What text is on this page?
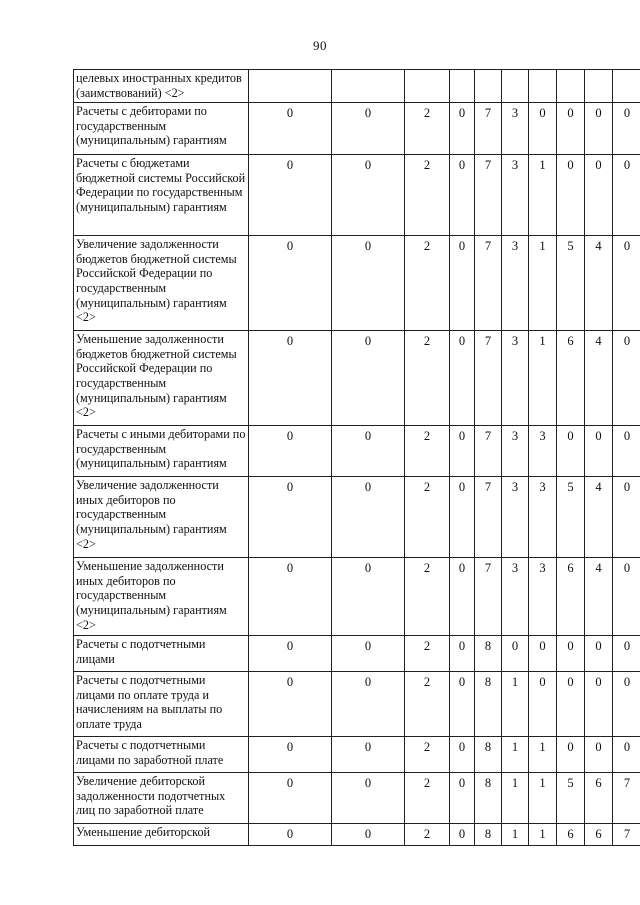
90
целевых иностранных кредитов (заимствований) <2>										
Расчеты с дебиторами по государственным (муниципальным) гарантиям	0	0	2	0	7	3	0	0	0	0
Расчеты с бюджетами бюджетной системы Российской Федерации по государственным (муниципальным) гарантиям	0	0	2	0	7	3	1	0	0	0
Увеличение задолженности бюджетов бюджетной системы Российской Федерации по государственным (муниципальным) гарантиям <2>	0	0	2	0	7	3	1	5	4	0
Уменьшение задолженности бюджетов бюджетной системы Российской Федерации по государственным (муниципальным) гарантиям <2>	0	0	2	0	7	3	1	6	4	0
Расчеты с иными дебиторами по государственным (муниципальным) гарантиям	0	0	2	0	7	3	3	0	0	0
Увеличение задолженности иных дебиторов по государственным (муниципальным) гарантиям <2>	0	0	2	0	7	3	3	5	4	0
Уменьшение задолженности иных дебиторов по государственным (муниципальным) гарантиям <2>	0	0	2	0	7	3	3	6	4	0
Расчеты с подотчетными лицами	0	0	2	0	8	0	0	0	0	0
Расчеты с подотчетными лицами по оплате труда и начислениям на выплаты по оплате труда	0	0	2	0	8	1	0	0	0	0
Расчеты с подотчетными лицами по заработной плате	0	0	2	0	8	1	1	0	0	0
Увеличение дебиторской задолженности подотчетных лиц по заработной плате	0	0	2	0	8	1	1	5	6	7
Уменьшение дебиторской	0	0	2	0	8	1	1	6	6	7
